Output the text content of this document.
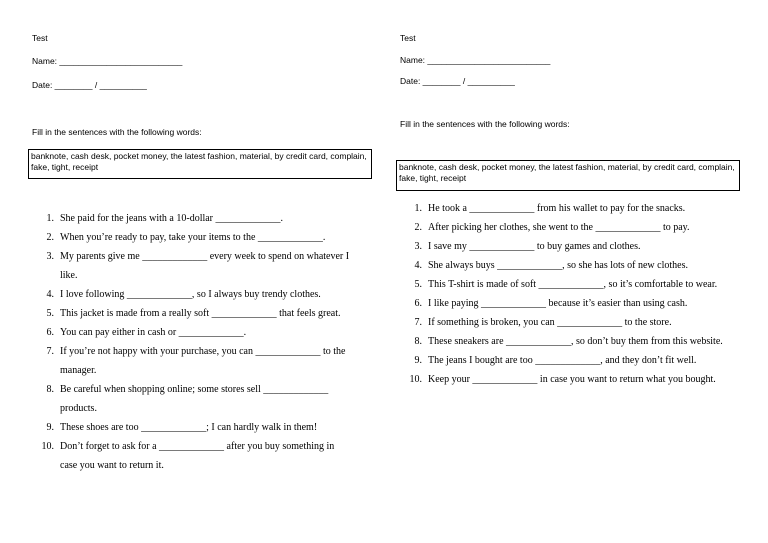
Test
Name: __________________________
Date: ________ / __________
Fill in the sentences with the following words:
banknote, cash desk, pocket money, the latest fashion, material, by credit card, complain, fake, tight, receipt
1. She paid for the jeans with a 10-dollar _____________.
2. When you’re ready to pay, take your items to the _____________.
3. My parents give me _____________ every week to spend on whatever I like.
4. I love following _____________, so I always buy trendy clothes.
5. This jacket is made from a really soft _____________ that feels great.
6. You can pay either in cash or _____________.
7. If you’re not happy with your purchase, you can _____________ to the manager.
8. Be careful when shopping online; some stores sell _____________ products.
9. These shoes are too _____________; I can hardly walk in them!
10. Don’t forget to ask for a _____________ after you buy something in case you want to return it.
Test
Name: __________________________
Date: ________ / __________
Fill in the sentences with the following words:
banknote, cash desk, pocket money, the latest fashion, material, by credit card, complain, fake, tight, receipt
1. He took a _____________ from his wallet to pay for the snacks.
2. After picking her clothes, she went to the _____________ to pay.
3. I save my _____________ to buy games and clothes.
4. She always buys _____________, so she has lots of new clothes.
5. This T-shirt is made of soft _____________, so it’s comfortable to wear.
6. I like paying _____________ because it’s easier than using cash.
7. If something is broken, you can _____________ to the store.
8. These sneakers are _____________, so don’t buy them from this website.
9. The jeans I bought are too _____________, and they don’t fit well.
10. Keep your _____________ in case you want to return what you bought.
